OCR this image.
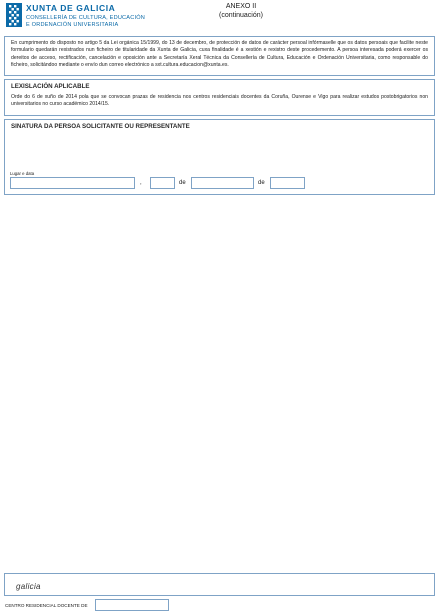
XUNTA DE GALICIA
CONSELLERÍA DE CULTURA, EDUCACIÓN
E ORDENACIÓN UNIVERSITARIA
ANEXO II
(continuación)

En cumprimento do disposto no artigo 5 da Lei orgánica 15/1999, do 13 de decembro, de protección de datos de carácter persoal infórmaselle que os datos persoais que facilite neste formulario quedarán rexistrados nun ficheiro de titularidade da Xunta de Galicia, cuxa finalidade é a xestión e rexistro deste procedemento. A persoa interesada poderá exercer os dereitos de acceso, rectificación, cancelación e oposición ante a Secretaría Xeral Técnica da Consellería de Cultura, Educación e Ordenación Universitaria, como responsable do ficheiro, solicitándoo mediante o envío dun correo electrónico a sxt.cultura.educacion@xunta.es.

LEXISLACIÓN APLICABLE

Orde do 6 de xuño de 2014 pola que se convocan prazas de residencia nos centros residenciais docentes da Coruña, Ourense e Vigo para realizar estudos postobrigatorios non universitarios no curso académico 2014/15.

SINATURA DA PERSOA SOLICITANTE OU REPRESENTANTE
Lugar e data
,	de	de
galicia
CENTRO RESIDENCIAL DOCENTE DE
